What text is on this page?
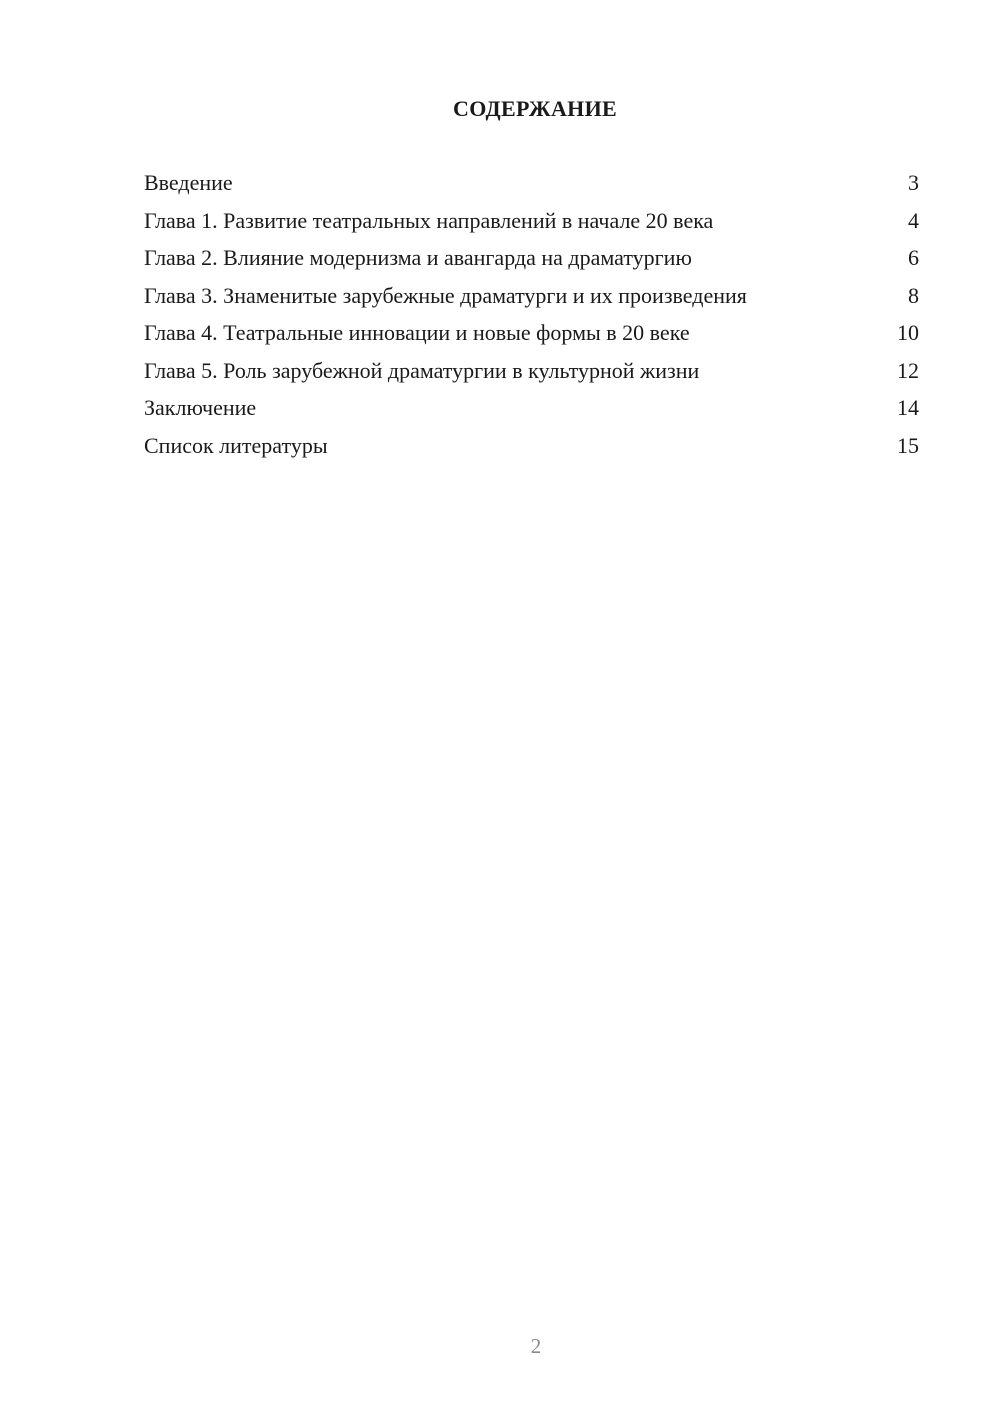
СОДЕРЖАНИЕ
Введение	3
Глава 1. Развитие театральных направлений в начале 20 века	4
Глава 2. Влияние модернизма и авангарда на драматургию	6
Глава 3. Знаменитые зарубежные драматурги и их произведения	8
Глава 4. Театральные инновации и новые формы в 20 веке	10
Глава 5. Роль зарубежной драматургии в культурной жизни	12
Заключение	14
Список литературы	15
2
